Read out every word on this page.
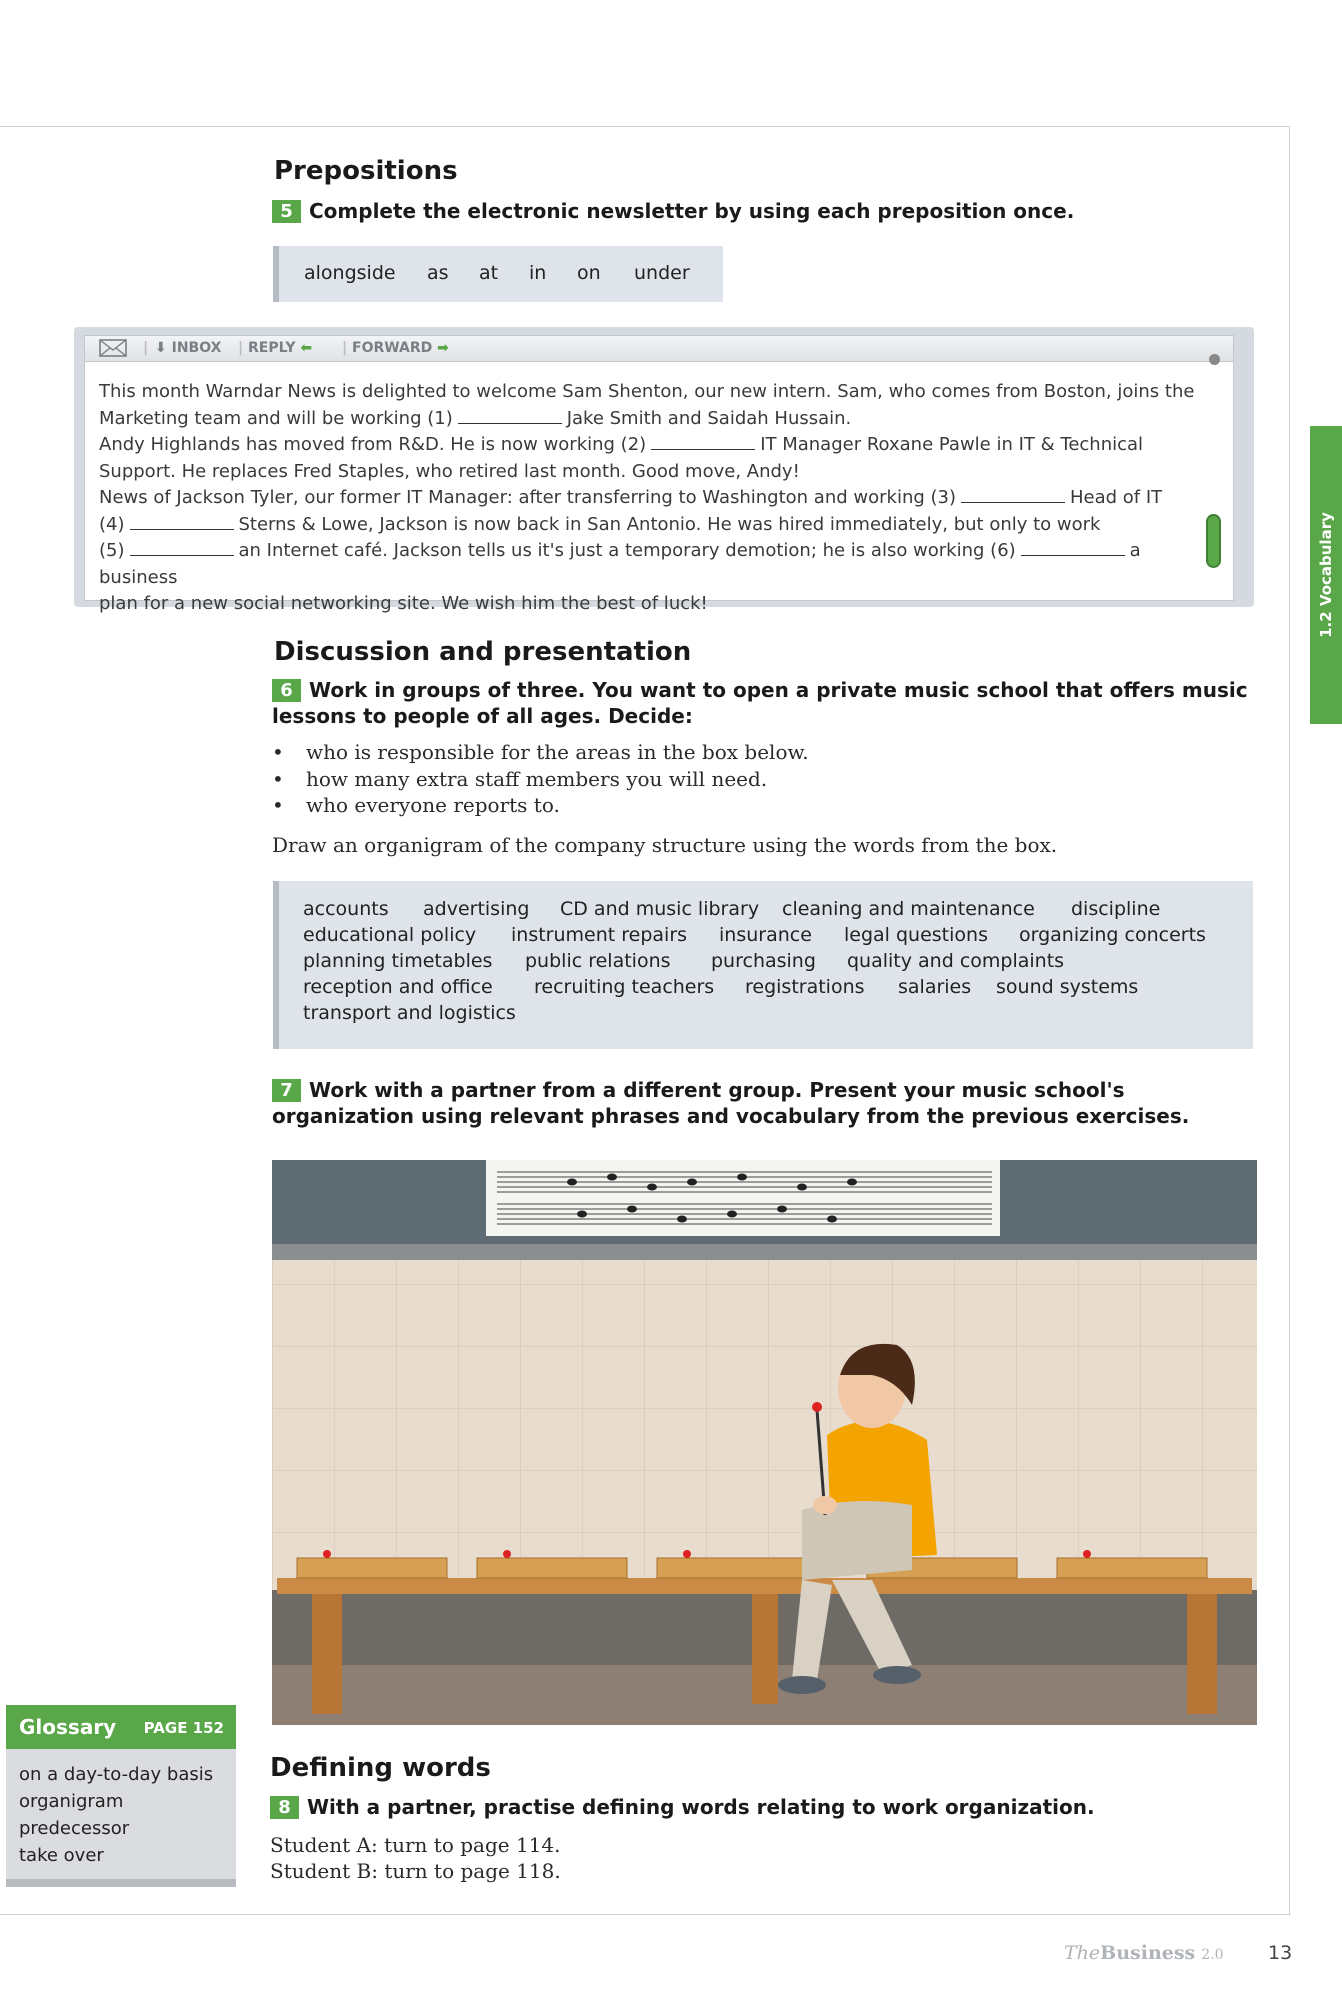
1.2 Vocabulary
Prepositions
5 Complete the electronic newsletter by using each preposition once.
alongside as at in on under
| ⬇ INBOX | REPLY ⬅ | FORWARD ➡
This month Warndar News is delighted to welcome Sam Shenton, our new intern. Sam, who comes from Boston, joins the
Marketing team and will be working (1)	Jake Smith and Saidah Hussain.
Andy Highlands has moved from R&D. He is now working (2)	IT Manager Roxane Pawle in IT & Technical
Support. He replaces Fred Staples, who retired last month. Good move, Andy!
News of Jackson Tyler, our former IT Manager: after transferring to Washington and working (3)	Head of IT
(4)	Sterns & Lowe, Jackson is now back in San Antonio. He was hired immediately, but only to work
(5)	an Internet café. Jackson tells us it's just a temporary demotion; he is also working (6)	a business
plan for a new social networking site. We wish him the best of luck!
Discussion and presentation
6 Work in groups of three. You want to open a private music school that offers music lessons to people of all ages. Decide:
• who is responsible for the areas in the box below.
• how many extra staff members you will need.
• who everyone reports to.
Draw an organigram of the company structure using the words from the box.
accounts advertising CD and music library cleaning and maintenance discipline
educational policy instrument repairs insurance legal questions organizing concerts
planning timetables public relations purchasing quality and complaints
reception and office recruiting teachers registrations salaries sound systems
transport and logistics
7 Work with a partner from a different group. Present your music school's organization using relevant phrases and vocabulary from the previous exercises.
Glossary PAGE 152
on a day-to-day basis
organigram
predecessor
take over
Defining words
8 With a partner, practise defining words relating to work organization.
Student A: turn to page 114.
Student B: turn to page 118.
TheBusiness 2.0 13
